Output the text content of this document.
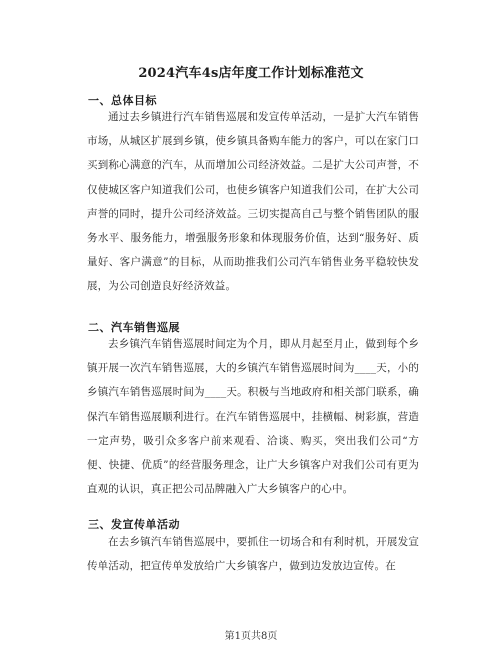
2024汽车4s店年度工作计划标准范文
一、总体目标
通过去乡镇进行汽车销售巡展和发宣传单活动，一是扩大汽车销售市场，从城区扩展到乡镇，使乡镇具备购车能力的客户，可以在家门口买到称心满意的汽车，从而增加公司经济效益。二是扩大公司声誉，不仅使城区客户知道我们公司，也使乡镇客户知道我们公司，在扩大公司声誉的同时，提升公司经济效益。三切实提高自己与整个销售团队的服务水平、服务能力，增强服务形象和体现服务价值，达到“服务好、质量好、客户满意”的目标，从而助推我们公司汽车销售业务平稳较快发展，为公司创造良好经济效益。
二、汽车销售巡展
去乡镇汽车销售巡展时间定为个月，即从月起至月止，做到每个乡镇开展一次汽车销售巡展，大的乡镇汽车销售巡展时间为____天，小的乡镇汽车销售巡展时间为____天。积极与当地政府和相关部门联系，确保汽车销售巡展顺利进行。在汽车销售巡展中，挂横幅、树彩旗，营造一定声势，吸引众多客户前来观看、洽谈、购买，突出我们公司“方便、快捷、优质”的经营服务理念，让广大乡镇客户对我们公司有更为直观的认识，真正把公司品牌融入广大乡镇客户的心中。
三、发宣传单活动
在去乡镇汽车销售巡展中，要抓住一切场合和有利时机，开展发宣传单活动，把宣传单发放给广大乡镇客户，做到边发放边宣传。在
第1页共8页
